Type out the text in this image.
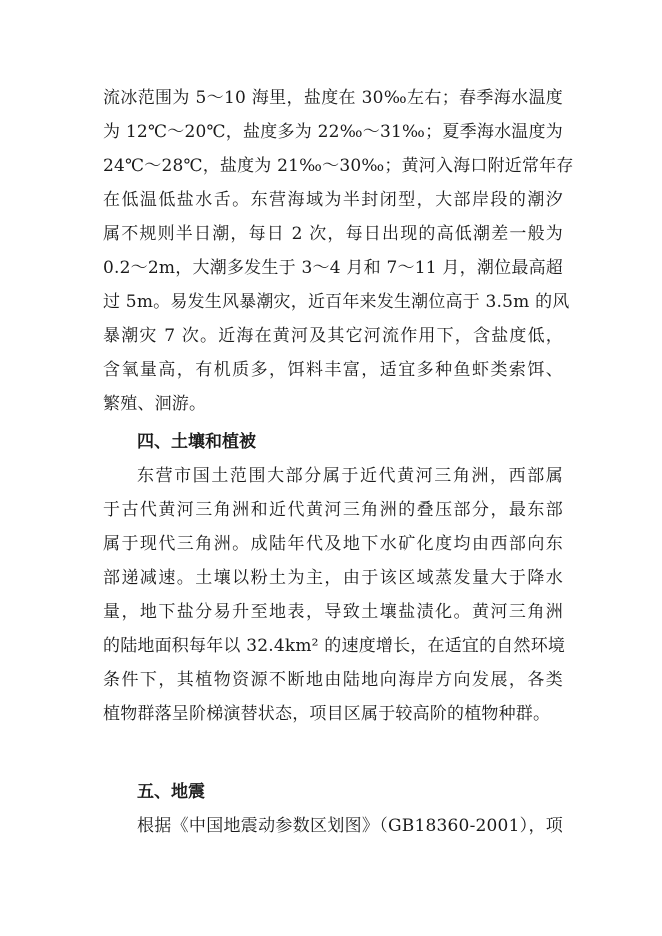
流冰范围为 5～10 海里，盐度在 30‰左右；春季海水温度
为 12℃～20℃，盐度多为 22‰～31‰；夏季海水温度为
24℃～28℃，盐度为 21‰～30‰；黄河入海口附近常年存
在低温低盐水舌。东营海域为半封闭型，大部岸段的潮汐
属不规则半日潮，每日 2 次，每日出现的高低潮差一般为
0.2～2m，大潮多发生于 3～4 月和 7～11 月，潮位最高超
过 5m。易发生风暴潮灾，近百年来发生潮位高于 3.5m 的风
暴潮灾 7 次。近海在黄河及其它河流作用下，含盐度低，
含氧量高，有机质多，饵料丰富，适宜多种鱼虾类索饵、
繁殖、洄游。
四、土壤和植被
东营市国土范围大部分属于近代黄河三角洲，西部属
于古代黄河三角洲和近代黄河三角洲的叠压部分，最东部
属于现代三角洲。成陆年代及地下水矿化度均由西部向东
部递减速。土壤以粉土为主，由于该区域蒸发量大于降水
量，地下盐分易升至地表，导致土壤盐渍化。黄河三角洲
的陆地面积每年以 32.4km² 的速度增长，在适宜的自然环境
条件下，其植物资源不断地由陆地向海岸方向发展，各类
植物群落呈阶梯演替状态，项目区属于较高阶的植物种群。
五、地震
根据《中国地震动参数区划图》（GB18360-2001），项
